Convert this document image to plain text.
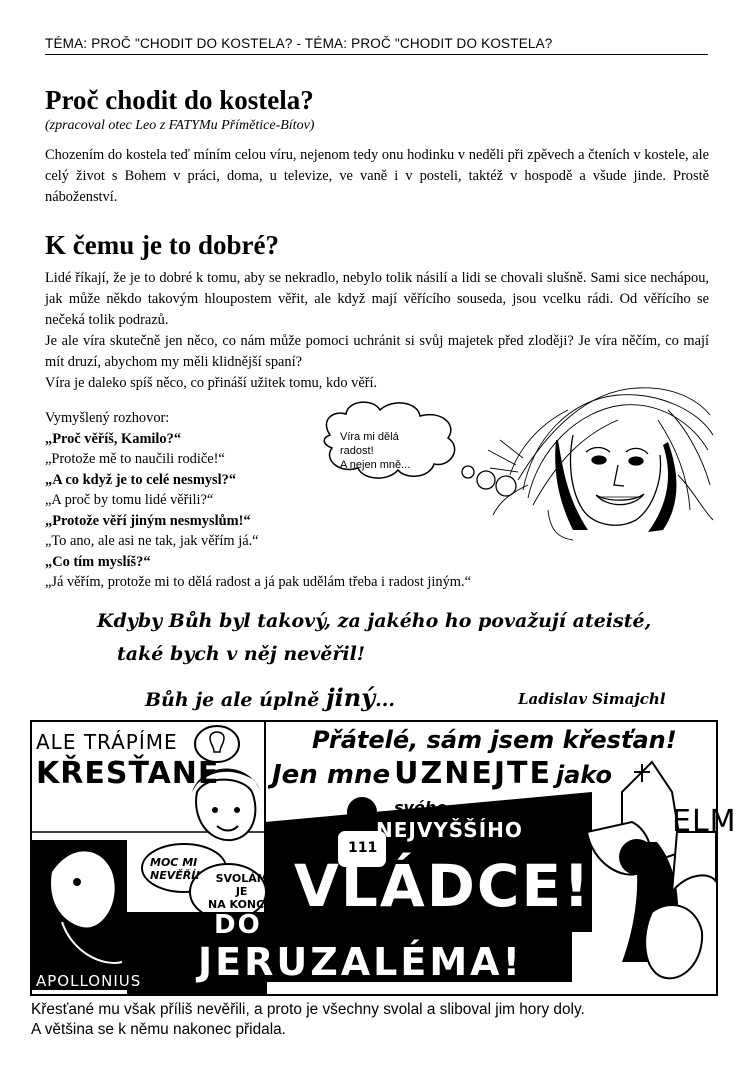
TÉMA: PROČ "CHODIT DO KOSTELA? - TÉMA: PROČ "CHODIT DO KOSTELA?
Proč chodit do kostela?
(zpracoval otec Leo z FATYMu Přímětice-Bítov)

Chozením do kostela teď míním celou víru, nejenom tedy onu hodinku v neděli při zpěvech a čteních v kostele, ale celý život s Bohem v práci, doma, u televize, ve vaně i v posteli, taktéž v hospodě a všude jinde. Prostě náboženství.

K čemu je to dobré?

Lidé říkají, že je to dobré k tomu, aby se nekradlo, nebylo tolik násilí a lidi se chovali slušně. Sami sice nechápou, jak může někdo takovým hloupostem věřit, ale když mají věřícího souseda, jsou vcelku rádi. Od věřícího se nečeká tolik podrazů.

Je ale víra skutečně jen něco, co nám může pomoci uchránit si svůj majetek před zloději? Je víra něčím, co mají mít druzí, abychom my měli klidnější spaní?

Víra je daleko spíš něco, co přináší užitek tomu, kdo věří.

Vymyšlený rozhovor:
„Proč věříš, Kamilo?“
„Protože mě to naučili rodiče!“
„A co když je to celé nesmysl?“
„A proč by tomu lidé věřili?“
„Protože věří jiným nesmyslům!“
„To ano, ale asi ne tak, jak věřím já.“
„Co tím myslíš?“
„Já věřím, protože mi to dělá radost a já pak udělám třeba i radost jiným.“
Víra mi dělá
radost!
A nejen mně...
Kdyby Bůh byl takový, za jakého ho považují ateisté,
také bych v něj nevěřil!
Bůh je ale úplně jiný...	Ladislav Simajchl
ALE TRÁPÍME
KŘESŤANE
Přátelé, sám jsem křesťan!
Jen mne UZNEJTE jako
svého...
NEJVYŠŠÍHO
VLÁDCE!
MOC MI
NEVĚŘÍ!	SVOLÁM
JE
NA KONCIL
DO
JERUZALÉMA!
APOLLONIUS
111
ELM
Křesťané mu však příliš nevěřili, a proto je všechny svolal a sliboval jim hory doly.
A většina se k němu nakonec přidala.
